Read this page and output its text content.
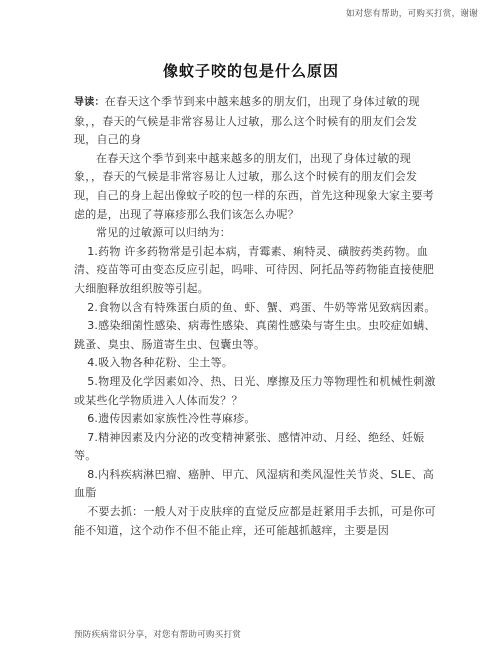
如对您有帮助，可购买打赏，谢谢
像蚊子咬的包是什么原因

导读：在春天这个季节到来中越来越多的朋友们，出现了身体过敏的现象，，春天的气候是非常容易让人过敏，那么这个时候有的朋友们会发现，自己的身

在春天这个季节到来中越来越多的朋友们，出现了身体过敏的现象，，春天的气候是非常容易让人过敏，那么这个时候有的朋友们会发现，自己的身上起出像蚊子咬的包一样的东西，首先这种现象大家主要考虑的是，出现了荨麻疹那么我们该怎么办呢？

常见的过敏源可以归纳为：

1.药物 许多药物常是引起本病，青霉素、痢特灵、磺胺药类药物。血清、疫苗等可由变态反应引起，吗啡、可待因、阿托品等药物能直接使肥大细胞释放组织胺等引起。

2.食物以含有特殊蛋白质的鱼、虾、蟹、鸡蛋、牛奶等常见致病因素。

3.感染细菌性感染、病毒性感染、真菌性感染与寄生虫。虫咬症如螨、跳蚤、臭虫、肠道寄生虫、包囊虫等。

4.吸入物各种花粉、尘土等。

5.物理及化学因素如冷、热、日光、摩擦及压力等物理性和机械性刺激或某些化学物质进入人体而发？？

6.遗传因素如家族性冷性荨麻疹。

7.精神因素及内分泌的改变精神紧张、感情冲动、月经、绝经、妊娠等。

8.内科疾病淋巴瘤、癌肿、甲亢、风湿病和类风湿性关节炎、SLE、高血脂

不要去抓：一般人对于皮肤痒的直觉反应都是赶紧用手去抓，可是你可能不知道，这个动作不但不能止痒，还可能越抓越痒，主要是因

预防疾病常识分享，对您有帮助可购买打赏
